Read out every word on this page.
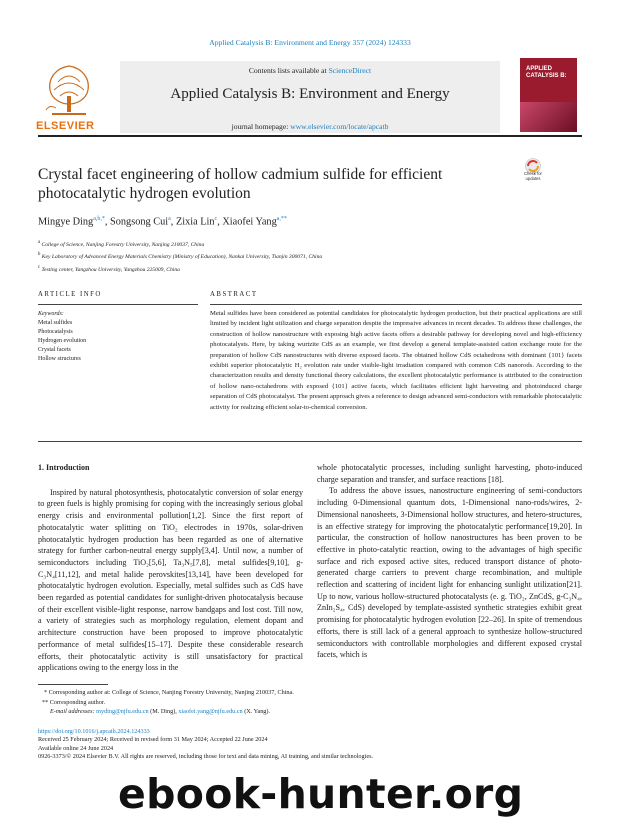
Applied Catalysis B: Environment and Energy 357 (2024) 124333
Contents lists available at ScienceDirect
Applied Catalysis B: Environment and Energy
journal homepage: www.elsevier.com/locate/apcatb
ELSEVIER
APPLIED CATALYSIS B:
Crystal facet engineering of hollow cadmium sulfide for efficient photocatalytic hydrogen evolution
Check for updates
Mingye Ding$^{a,b,*}$, Songsong Cui$^a$, Zixia Lin$^c$, Xiaofei Yang$^{a,**}$
$^a$ College of Science, Nanjing Forestry University, Nanjing 210037, China
$^b$ Key Laboratory of Advanced Energy Materials Chemistry (Ministry of Education), Nankai University, Tianjin 300071, China
$^c$ Testing center, Yangzhou University, Yangzhou 225009, China
ARTICLE INFO	ABSTRACT
Keywords:
Metal sulfides
Photocatalysis
Hydrogen evolution
Crystal facets
Hollow structures
Metal sulfides have been considered as potential candidates for photocatalytic hydrogen production, but their practical applications are still limited by incident light utilization and charge separation despite the impressive advances in recent decades. To address these challenges, the construction of hollow nanostructure with exposing high active facets offers a desirable pathway for developing novel and high-efficiency photocatalysts. Here, by taking wurtzite CdS as an example, we first develop a general template-assisted cation exchange route for the preparation of hollow CdS nanostructures with diverse exposed facets. The obtained hollow CdS octahedrons with dominant {101} facets exhibit superior photocatalytic H₂ evolution rate under visible-light irradiation compared with common CdS nanorods. According to the characterization results and density functional theory calculations, the excellent photocatalytic performance is attributed to the construction of hollow nano-octahedrons with exposed {101} active facets, which facilitates efficient light harvesting and photoinduced charge separation of CdS photocatalyst. The present approach gives a reference to design advanced semi-conductors with remarkable photocatalytic activity for realizing efficient solar-to-chemical conversion.

1. Introduction

Inspired by natural photosynthesis, photocatalytic conversion of solar energy to green fuels is highly promising for coping with the increasingly serious global energy crisis and environmental pollution[1,2]. Since the first report of photocatalytic water splitting on TiO₂ electrodes in 1970s, solar-driven photocatalytic hydrogen production has been regarded as one of alternative strategy for further carbon-neutral energy supply[3,4]. Until now, a number of semiconductors including TiO₂[5,6], Ta₃N₅[7,8], metal sulfides[9,10], g-C₃N₄[11,12], and metal halide perovskites[13,14], have been developed for photocatalytic hydrogen evolution. Especially, metal sulfides such as CdS have been regarded as potential candidates for sunlight-driven photocatalysis because of their excellent visible-light response, narrow bandgaps and lost cost. Till now, a variety of strategies such as morphology regulation, element dopant and architecture construction have been proposed to improve photocatalytic performance of metal sulfides[15–17]. Despite these considerable research efforts, their photocatalytic activity is still unsatisfactory for practical applications owing to the energy loss in the

whole photocatalytic processes, including sunlight harvesting, photo-induced charge separation and transfer, and surface reactions [18].

To address the above issues, nanostructure engineering of semi-conductors including 0-Dimensional quantum dots, 1-Dimensional nano-rods/wires, 2-Dimensional nanosheets, 3-Dimensional hollow structures, and hetero-structures, is an effective strategy for improving the photocatalytic performance[19,20]. In particular, the construction of hollow nanostructures has been proven to be effective in photo-catalytic reaction, owing to the advantages of high specific surface and rich exposed active sites, reduced transport distance of photo-generated charge carriers to prevent charge recombination, and multiple reflection and scattering of incident light for enhancing sunlight utilization[21]. Up to now, various hollow-structured photocatalysts (e. g. TiO₂, ZnCdS, g-C₃N₄, ZnIn₂S₄, CdS) developed by template-assisted synthetic strategies exhibit great promising for photocatalytic hydrogen evolution [22–26]. In spite of tremendous efforts, there is still lack of a general approach to synthesize hollow-structured semiconductors with controllable morphologies and different exposed crystal facets, which is

* Corresponding author at: College of Science, Nanjing Forestry University, Nanjing 210037, China.
** Corresponding author.
E-mail addresses: myding@njfu.edu.cn (M. Ding), xiaofei.yang@njfu.edu.cn (X. Yang).
https://doi.org/10.1016/j.apcatb.2024.124333
Received 25 February 2024; Received in revised form 31 May 2024; Accepted 22 June 2024
Available online 24 June 2024
0926-3373/© 2024 Elsevier B.V. All rights are reserved, including those for text and data mining, AI training, and similar technologies.
ebook-hunter.org
